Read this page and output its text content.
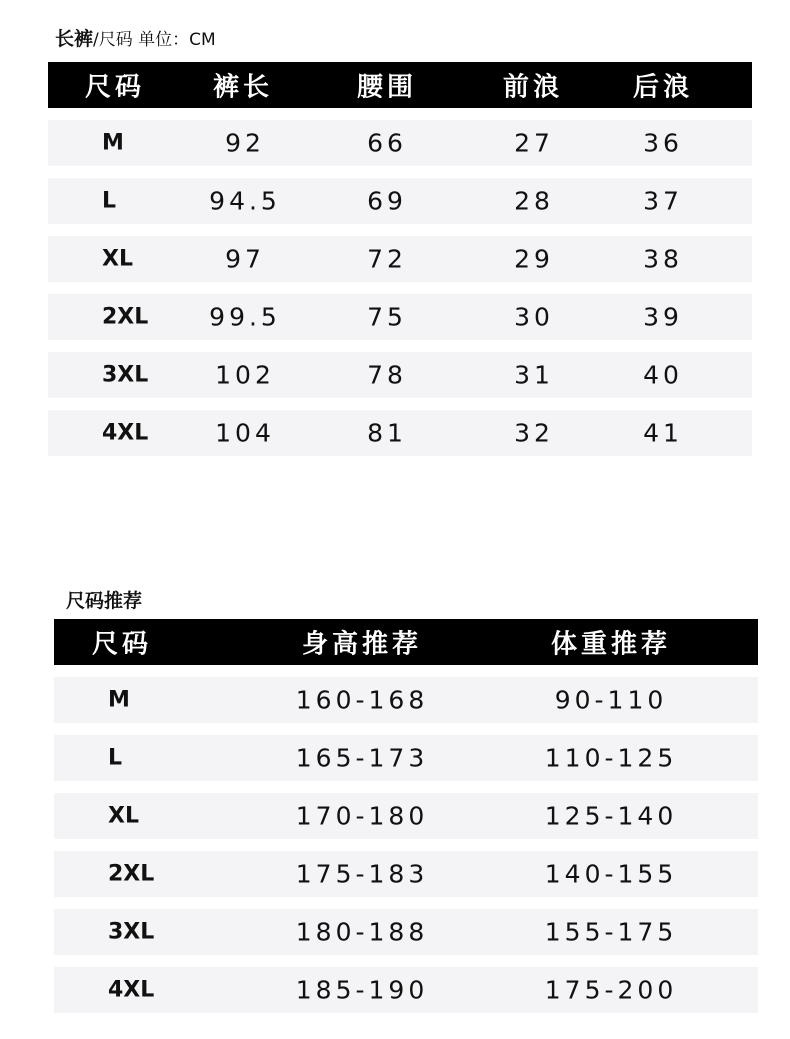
长裤/尺码 单位：CM
尺码	裤长	腰围	前浪	后浪
M	92	66	27	36
L	94.5	69	28	37
XL	97	72	29	38
2XL 99.5	75	30	39
3XL	102	78	31	40
4XL	104	81	32	41
尺码推荐
尺码	身高推荐	体重推荐
M	160-168	90-110
L	165-173	110-125
XL	170-180	125-140
2XL	175-183	140-155
3XL	180-188	155-175
4XL	185-190	175-200
